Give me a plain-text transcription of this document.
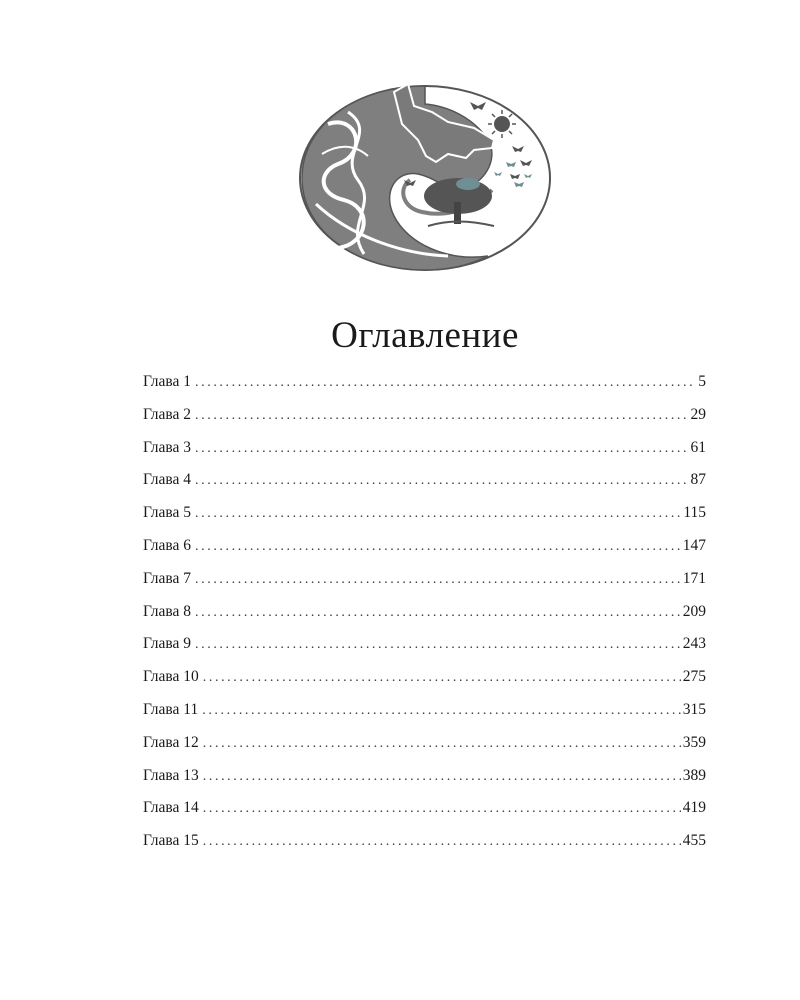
Оглавление
Глава 1 .....	5
Глава 2 .....	29
Глава 3 .....	61
Глава 4 .....	87
Глава 5 .....	115
Глава 6 .....	147
Глава 7 .....	171
Глава 8 .....	209
Глава 9 .....	243
Глава 10 .....	275
Глава 11 .....	315
Глава 12 .....	359
Глава 13 .....	389
Глава 14 .....	419
Глава 15 .....	455
